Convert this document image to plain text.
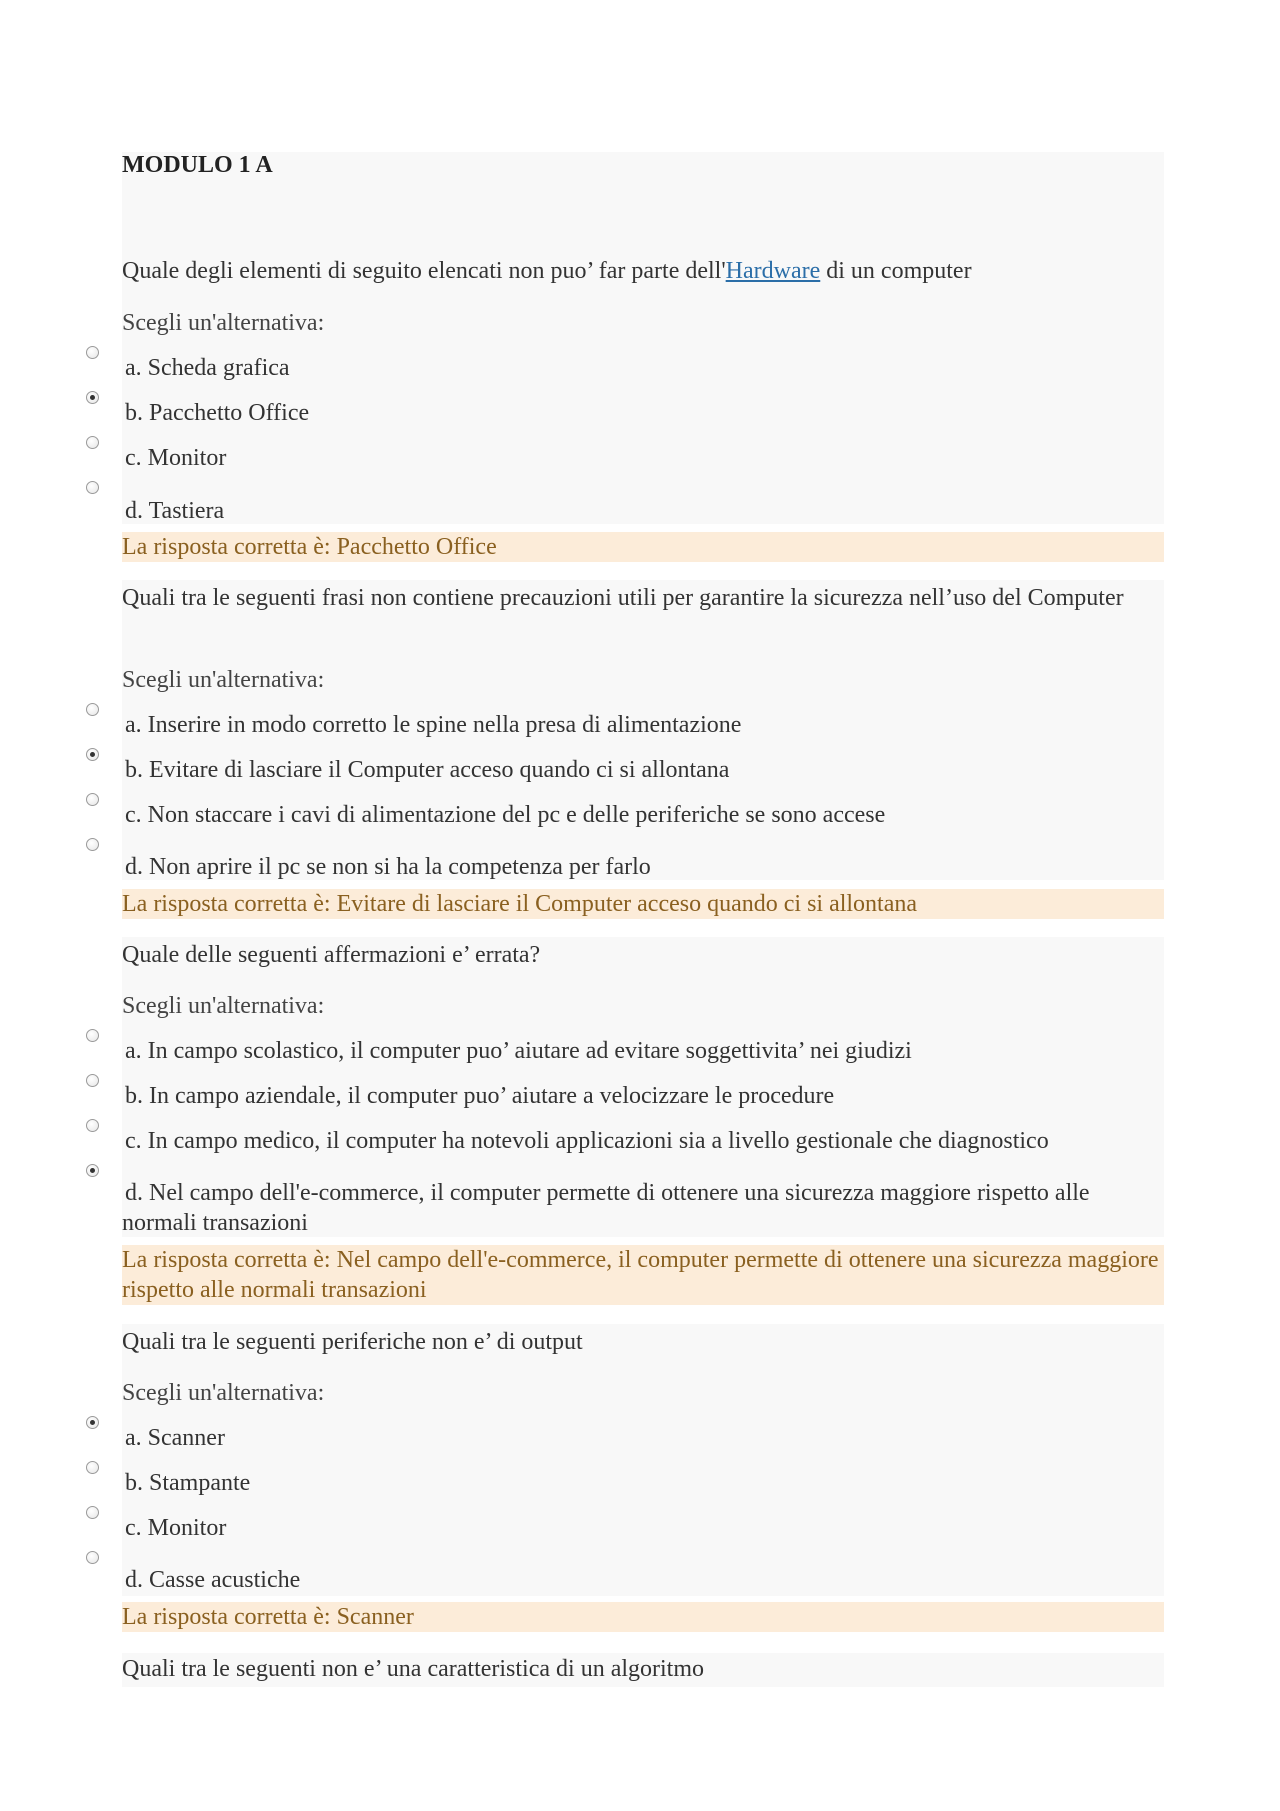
MODULO 1 A
Quale degli elementi di seguito elencati non puo’ far parte dell'Hardware di un computer
Scegli un'alternativa:
a. Scheda grafica
b. Pacchetto Office
c. Monitor
d. Tastiera
La risposta corretta è: Pacchetto Office
Quali tra le seguenti frasi non contiene precauzioni utili per garantire la sicurezza nell’uso del Computer
Scegli un'alternativa:
a. Inserire in modo corretto le spine nella presa di alimentazione
b. Evitare di lasciare il Computer acceso quando ci si allontana
c. Non staccare i cavi di alimentazione del pc e delle periferiche se sono accese
d. Non aprire il pc se non si ha la competenza per farlo
La risposta corretta è: Evitare di lasciare il Computer acceso quando ci si allontana
Quale delle seguenti affermazioni e’ errata?
Scegli un'alternativa:
a. In campo scolastico, il computer puo’ aiutare ad evitare soggettivita’ nei giudizi
b. In campo aziendale, il computer puo’ aiutare a velocizzare le procedure
c. In campo medico, il computer ha notevoli applicazioni sia a livello gestionale che diagnostico
d. Nel campo dell'e-commerce, il computer permette di ottenere una sicurezza maggiore rispetto alle normali transazioni
La risposta corretta è: Nel campo dell'e-commerce, il computer permette di ottenere una sicurezza maggiore rispetto alle normali transazioni
Quali tra le seguenti periferiche non e’ di output
Scegli un'alternativa:
a. Scanner
b. Stampante
c. Monitor
d. Casse acustiche
La risposta corretta è: Scanner
Quali tra le seguenti non e’ una caratteristica di un algoritmo
